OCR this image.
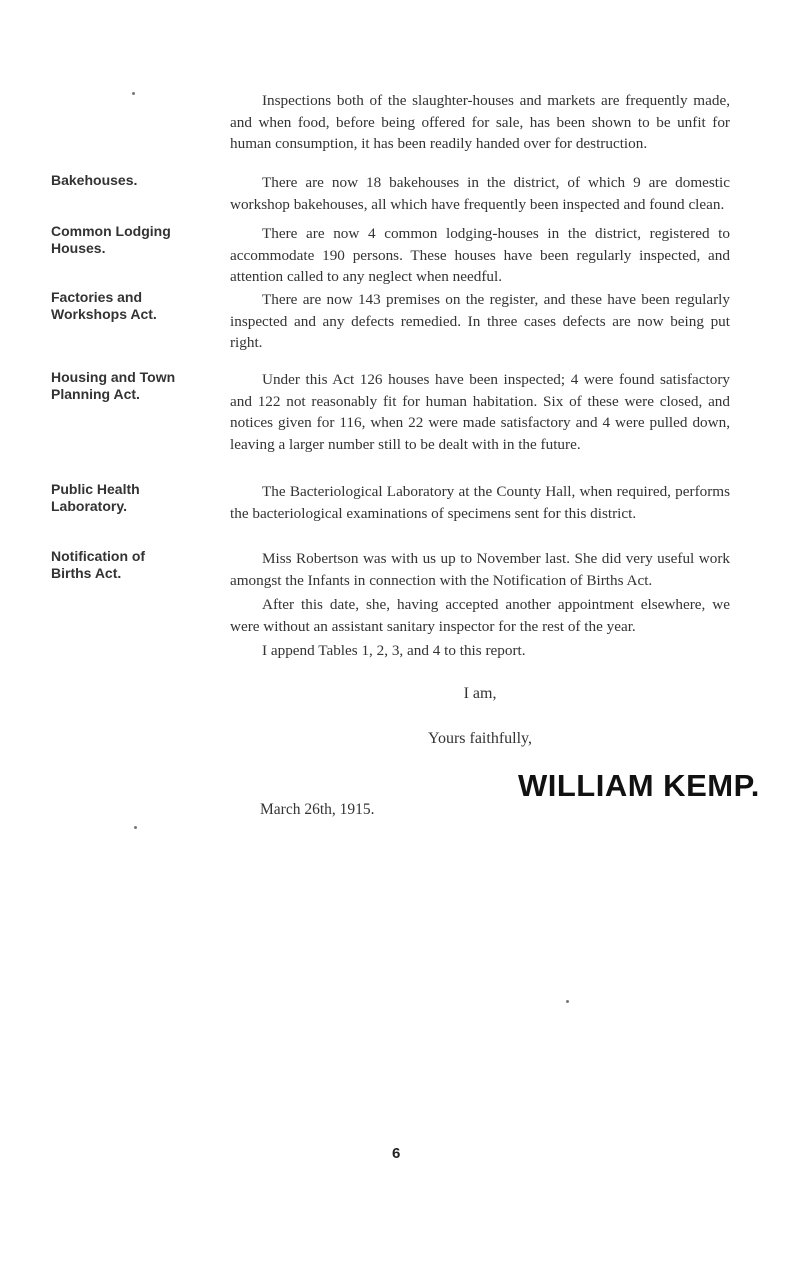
Bakehouses.
Common Lodging Houses.
Factories and Workshops Act.
Housing and Town Planning Act.
Public Health Laboratory.
Notification of Births Act.

Inspections both of the slaughter-houses and markets are frequently made, and when food, before being offered for sale, has been shown to be unfit for human consumption, it has been readily handed over for destruction.

There are now 18 bakehouses in the district, of which 9 are domestic workshop bakehouses, all which have frequently been inspected and found clean.

There are now 4 common lodging-houses in the district, registered to accommodate 190 persons. These houses have been regularly inspected, and attention called to any neglect when needful.

There are now 143 premises on the register, and these have been regularly inspected and any defects remedied. In three cases defects are now being put right.

Under this Act 126 houses have been inspected; 4 were found satisfactory and 122 not reasonably fit for human habitation. Six of these were closed, and notices given for 116, when 22 were made satisfactory and 4 were pulled down, leaving a larger number still to be dealt with in the future.

The Bacteriological Laboratory at the County Hall, when required, performs the bacteriological examinations of specimens sent for this district.

Miss Robertson was with us up to November last. She did very useful work amongst the Infants in connection with the Notification of Births Act.

After this date, she, having accepted another appointment elsewhere, we were without an assistant sanitary inspector for the rest of the year.

I append Tables 1, 2, 3, and 4 to this report.

I am,
Yours faithfully,
WILLIAM KEMP.
March 26th, 1915.
6
